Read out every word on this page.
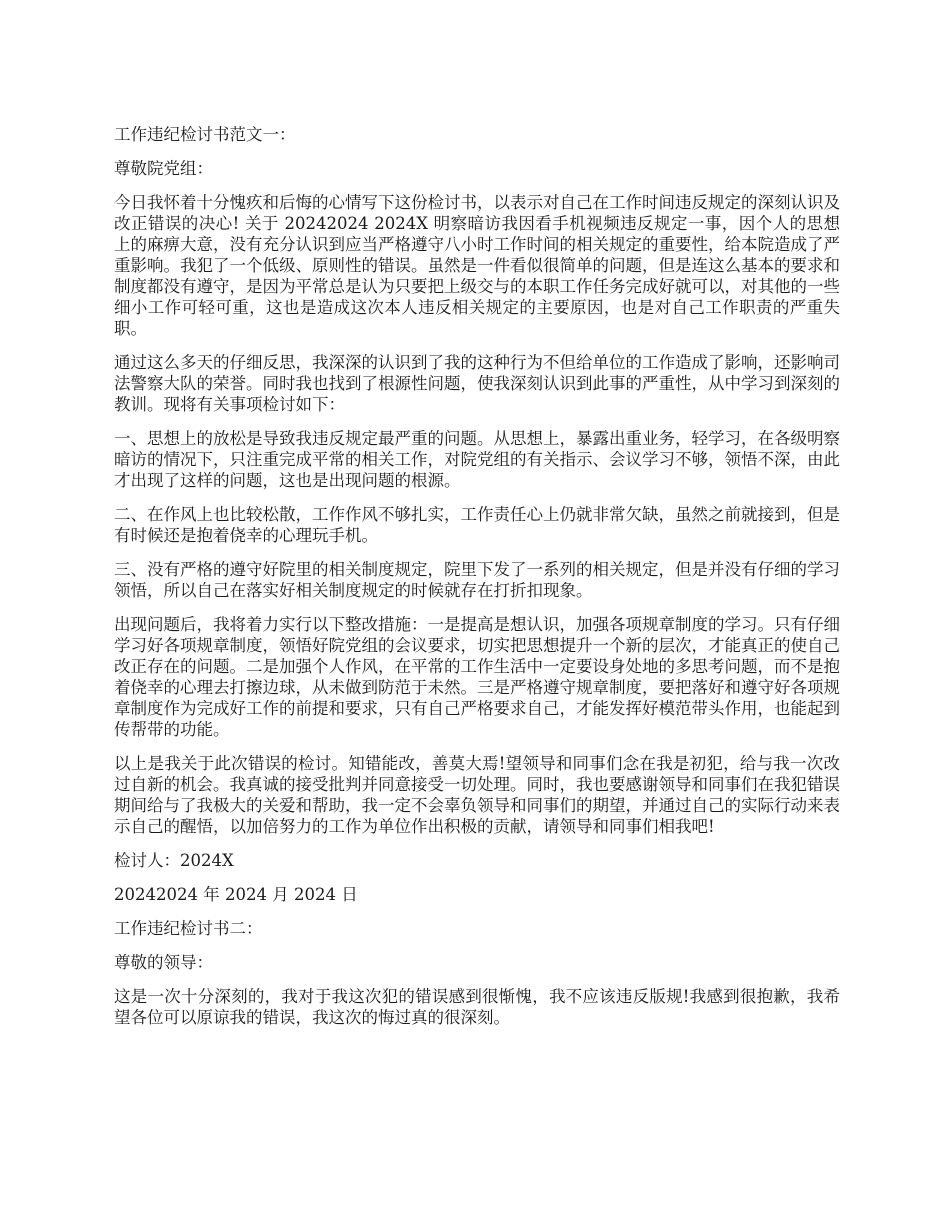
工作违纪检讨书范文一：

尊敬院党组：

今日我怀着十分愧疚和后悔的心情写下这份检讨书，以表示对自己在工作时间违反规定的深刻认识及改正错误的决心! 关于 20242024 2024X 明察暗访我因看手机视频违反规定一事，因个人的思想上的麻痹大意，没有充分认识到应当严格遵守八小时工作时间的相关规定的重要性，给本院造成了严重影响。我犯了一个低级、原则性的错误。虽然是一件看似很简单的问题，但是连这么基本的要求和制度都没有遵守，是因为平常总是认为只要把上级交与的本职工作任务完成好就可以，对其他的一些细小工作可轻可重，这也是造成这次本人违反相关规定的主要原因，也是对自己工作职责的严重失职。

通过这么多天的仔细反思，我深深的认识到了我的这种行为不但给单位的工作造成了影响，还影响司法警察大队的荣誉。同时我也找到了根源性问题，使我深刻认识到此事的严重性，从中学习到深刻的教训。现将有关事项检讨如下：

一、思想上的放松是导致我违反规定最严重的问题。从思想上，暴露出重业务，轻学习，在各级明察暗访的情况下，只注重完成平常的相关工作，对院党组的有关指示、会议学习不够，领悟不深，由此才出现了这样的问题，这也是出现问题的根源。

二、在作风上也比较松散，工作作风不够扎实，工作责任心上仍就非常欠缺，虽然之前就接到，但是有时候还是抱着侥幸的心理玩手机。

三、没有严格的遵守好院里的相关制度规定，院里下发了一系列的相关规定，但是并没有仔细的学习领悟，所以自己在落实好相关制度规定的时候就存在打折扣现象。

出现问题后，我将着力实行以下整改措施：一是提高是想认识，加强各项规章制度的学习。只有仔细学习好各项规章制度，领悟好院党组的会议要求，切实把思想提升一个新的层次，才能真正的使自己改正存在的问题。二是加强个人作风，在平常的工作生活中一定要设身处地的多思考问题，而不是抱着侥幸的心理去打擦边球，从未做到防范于未然。三是严格遵守规章制度，要把落好和遵守好各项规章制度作为完成好工作的前提和要求，只有自己严格要求自己，才能发挥好模范带头作用，也能起到传帮带的功能。

以上是我关于此次错误的检讨。知错能改，善莫大焉!望领导和同事们念在我是初犯，给与我一次改过自新的机会。我真诚的接受批判并同意接受一切处理。同时，我也要感谢领导和同事们在我犯错误期间给与了我极大的关爱和帮助，我一定不会辜负领导和同事们的期望，并通过自己的实际行动来表示自己的醒悟，以加倍努力的工作为单位作出积极的贡献，请领导和同事们相我吧!

检讨人：2024X

20242024 年 2024 月 2024 日

工作违纪检讨书二：

尊敬的领导：

这是一次十分深刻的，我对于我这次犯的错误感到很惭愧，我不应该违反版规!我感到很抱歉，我希望各位可以原谅我的错误，我这次的悔过真的很深刻。
